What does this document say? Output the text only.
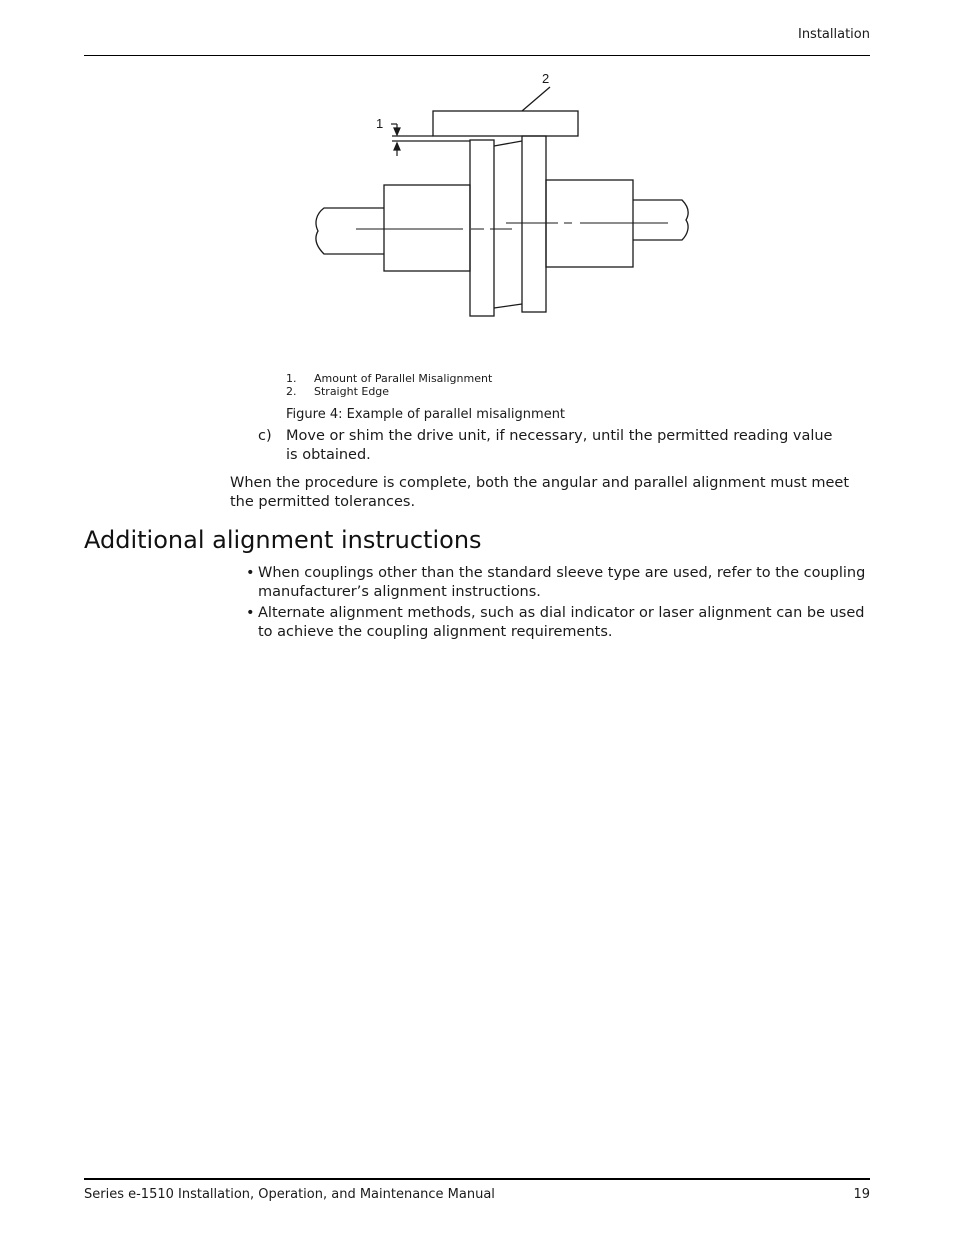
Installation
1
2
1. Amount of Parallel Misalignment
2. Straight Edge
Figure 4: Example of parallel misalignment
c) Move or shim the drive unit, if necessary, until the permitted reading value is obtained.
When the procedure is complete, both the angular and parallel alignment must meet the permitted tolerances.
Additional alignment instructions
• When couplings other than the standard sleeve type are used, refer to the coupling manufacturer’s alignment instructions.
• Alternate alignment methods, such as dial indicator or laser alignment can be used to achieve the coupling alignment requirements.
Series e-1510 Installation, Operation, and Maintenance Manual	19
